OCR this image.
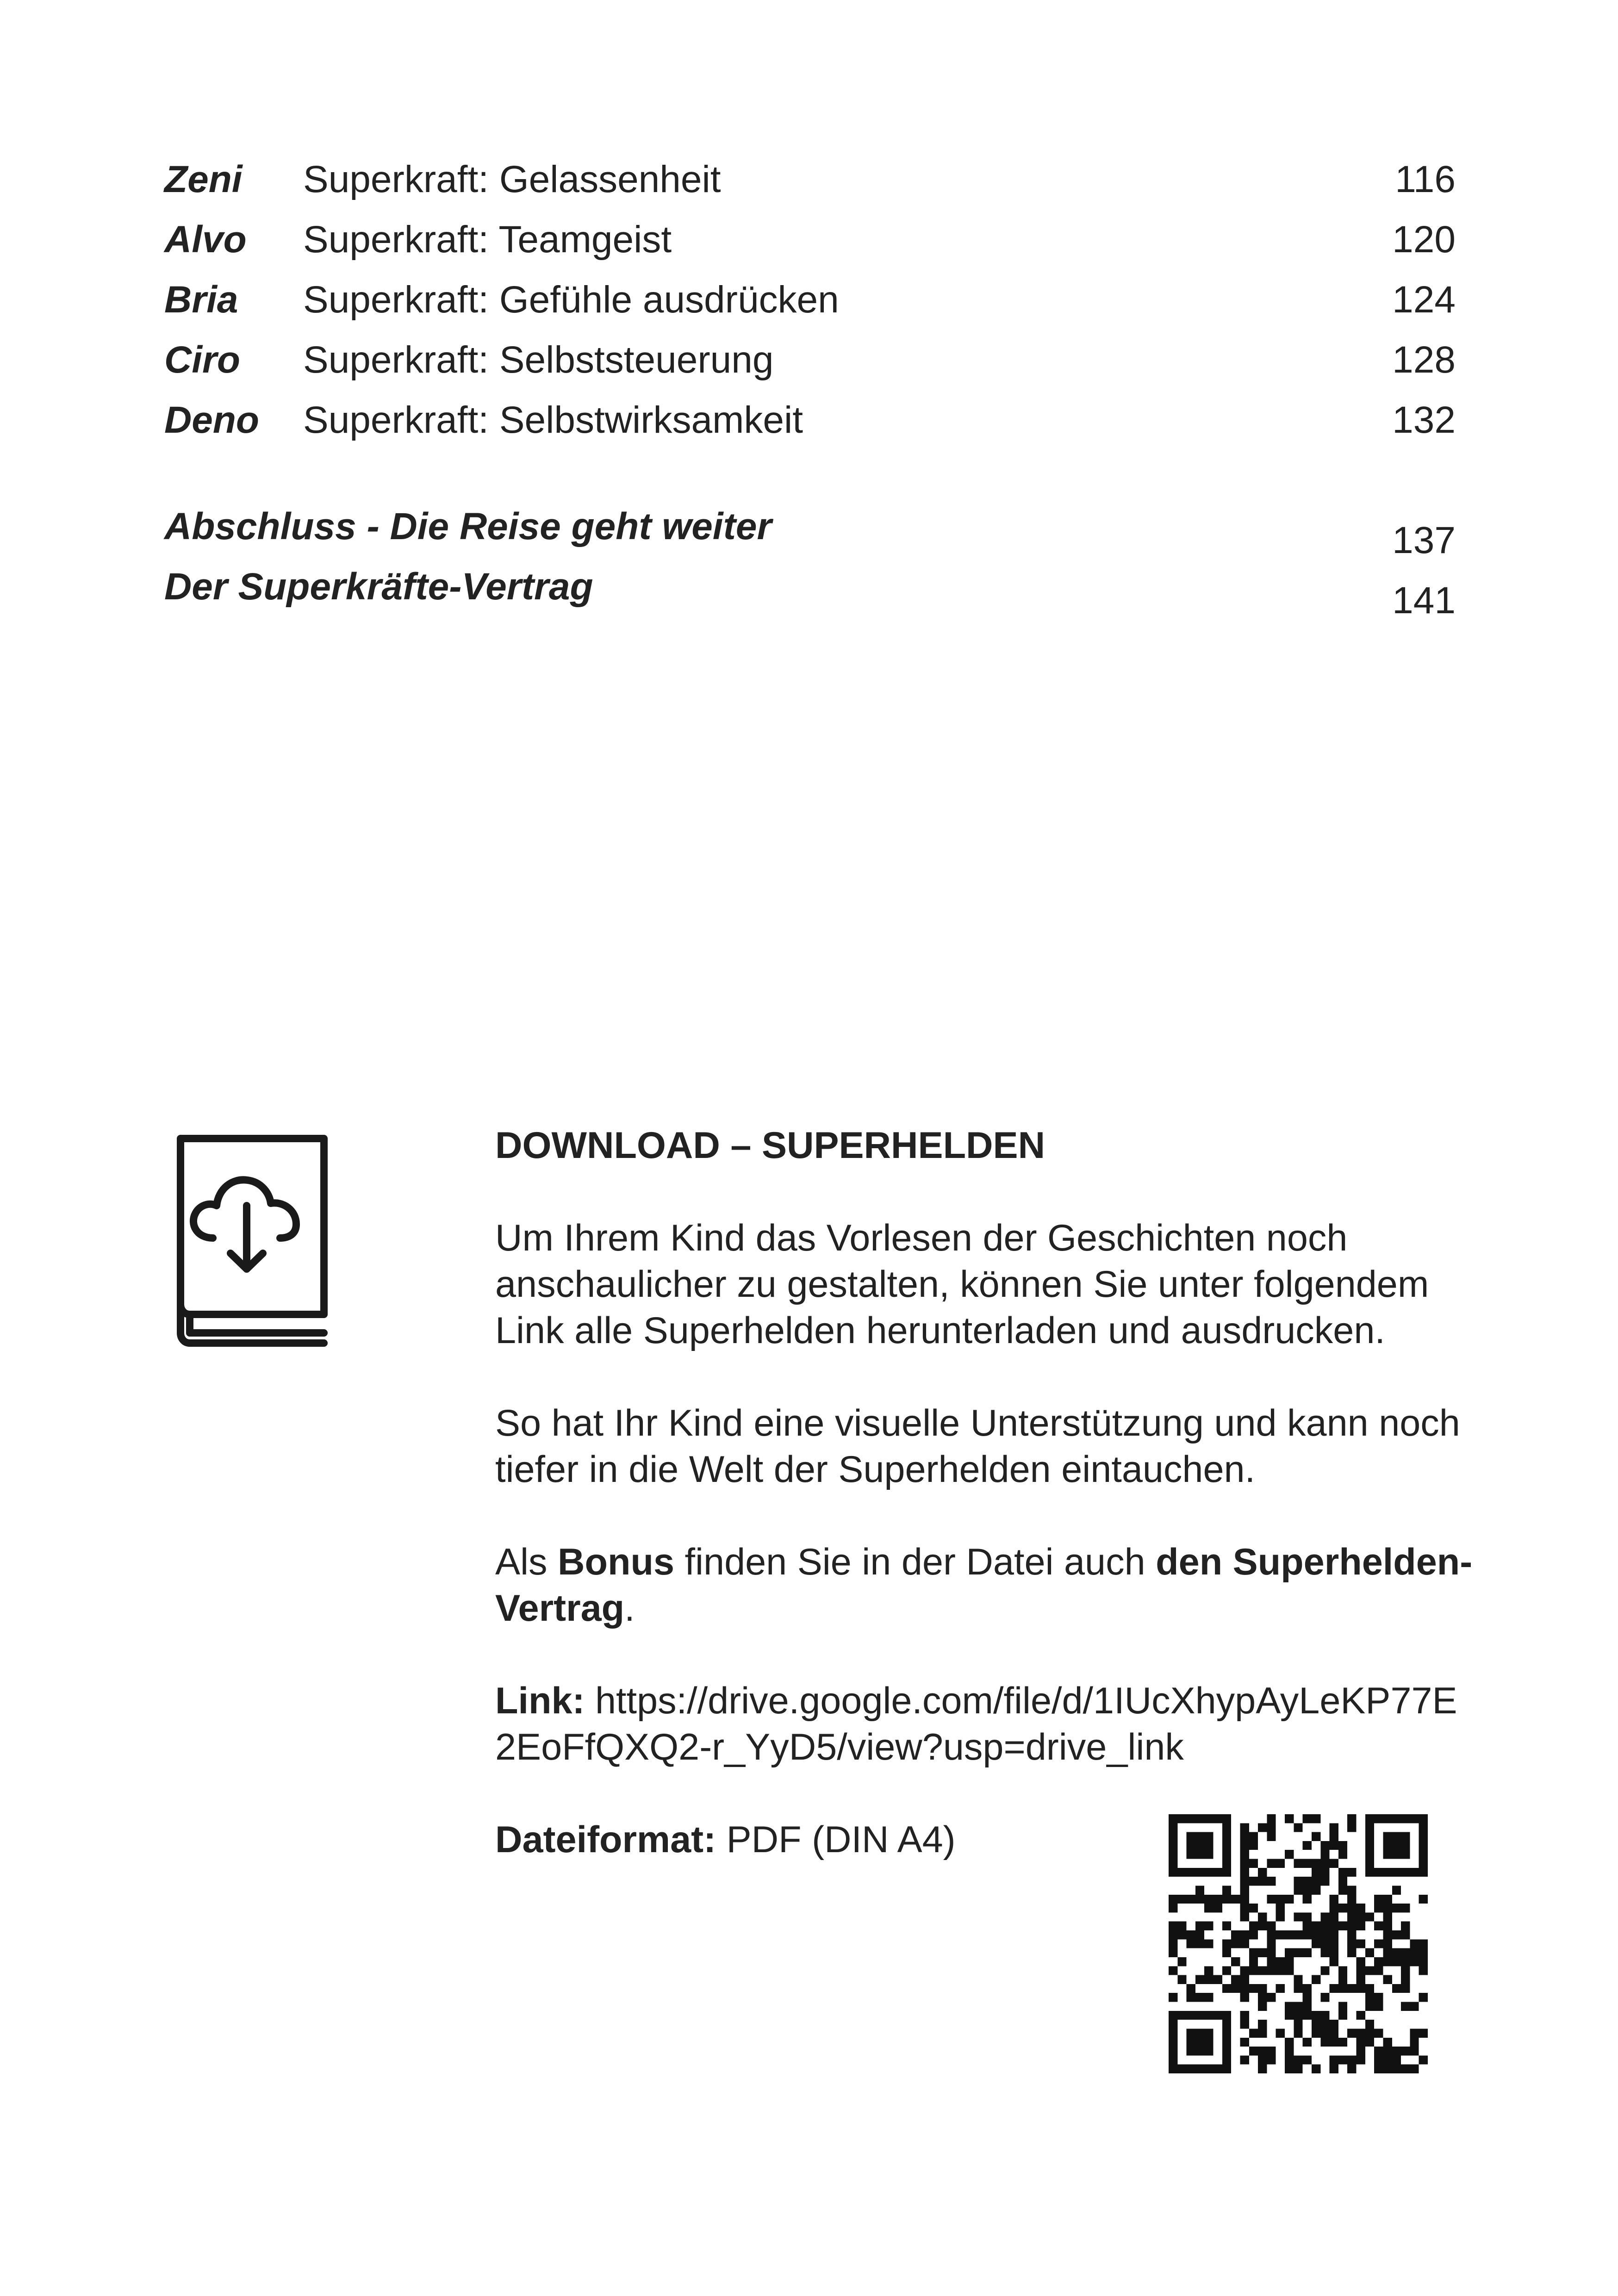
Zeni Superkraft: Gelassenheit	116
Alvo Superkraft: Teamgeist	120
Bria Superkraft: Gefühle ausdrücken	124
Ciro Superkraft: Selbststeuerung	128
Deno Superkraft: Selbstwirksamkeit	132
Abschluss - Die Reise geht weiter	137
Der Superkräfte-Vertrag	141

DOWNLOAD – SUPERHELDEN

Um Ihrem Kind das Vorlesen der Geschichten noch anschaulicher zu gestalten, können Sie unter folgendem Link alle Superhelden herunterladen und ausdrucken.

So hat Ihr Kind eine visuelle Unterstützung und kann noch tiefer in die Welt der Superhelden eintauchen.

Als Bonus finden Sie in der Datei auch den Superhelden-Vertrag.

Link: https://drive.google.com/file/d/1IUcXhypAyLeKP77E2EoFfQXQ2-r_YyD5/view?usp=drive_link

Dateiformat: PDF (DIN A4)
